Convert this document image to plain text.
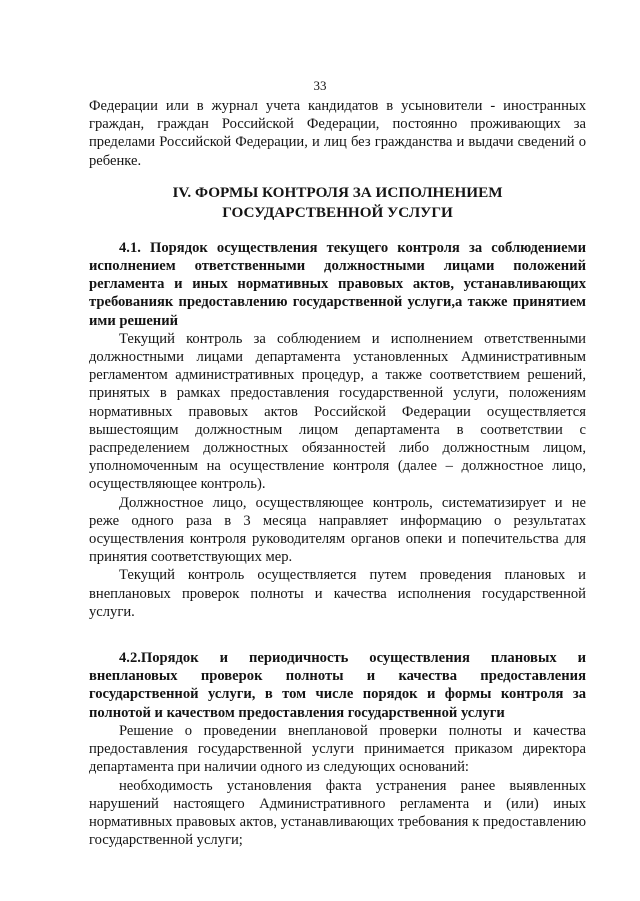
33

Федерации или в журнал учета кандидатов в усыновители - иностранных граждан, граждан Российской Федерации, постоянно проживающих за пределами Российской Федерации, и лиц без гражданства и выдачи сведений о ребенке.

IV. ФОРМЫ КОНТРОЛЯ ЗА ИСПОЛНЕНИЕМ
ГОСУДАРСТВЕННОЙ УСЛУГИ

4.1. Порядок осуществления текущего контроля за соблюдениеми исполнением ответственными должностными лицами положений регламента и иных нормативных правовых актов, устанавливающих требованияк предоставлению государственной услуги,а также принятием ими решений

Текущий контроль за соблюдением и исполнением ответственными должностными лицами департамента установленных Административным регламентом административных процедур, а также соответствием решений, принятых в рамках предоставления государственной услуги, положениям нормативных правовых актов Российской Федерации осуществляется вышестоящим должностным лицом департамента в соответствии с распределением должностных обязанностей либо должностным лицом, уполномоченным на осуществление контроля (далее – должностное лицо, осуществляющее контроль).

Должностное лицо, осуществляющее контроль, систематизирует и не реже одного раза в 3 месяца направляет информацию о результатах осуществления контроля руководителям органов опеки и попечительства для принятия соответствующих мер.

Текущий контроль осуществляется путем проведения плановых и внеплановых проверок полноты и качества исполнения государственной услуги.

4.2.Порядок и периодичность осуществления плановых и внеплановых проверок полноты и качества предоставления государственной услуги, в том числе порядок и формы контроля за полнотой и качеством предоставления государственной услуги

Решение о проведении внеплановой проверки полноты и качества предоставления государственной услуги принимается приказом директора департамента при наличии одного из следующих оснований:

необходимость установления факта устранения ранее выявленных нарушений настоящего Административного регламента и (или) иных нормативных правовых актов, устанавливающих требования к предоставлению государственной услуги;
